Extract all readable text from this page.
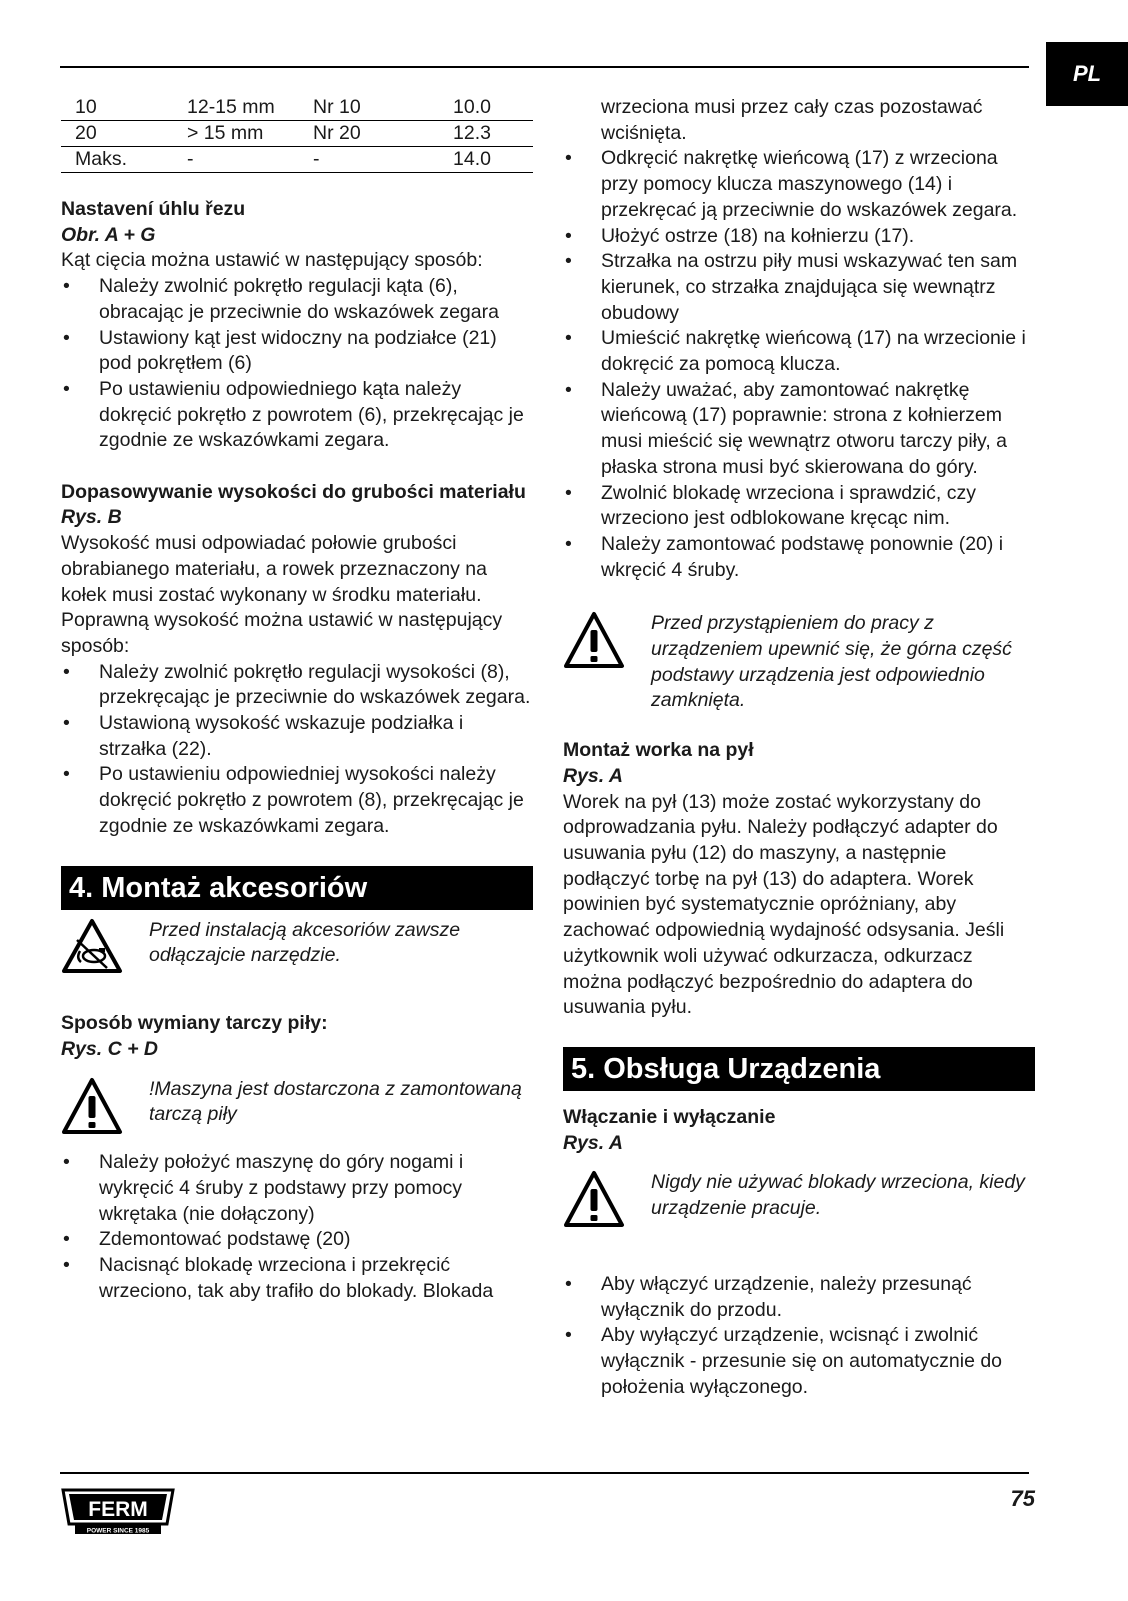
PL
10	12-15 mm	Nr 10	10.0
20	> 15 mm	Nr 20	12.3
Maks.	-	-	14.0

Nastavení úhlu řezu

Obr. A + G

Kąt cięcia można ustawić w następujący sposób:

• Należy zwolnić pokrętło regulacji kąta (6), obracając je przeciwnie do wskazówek zegara
• Ustawiony kąt jest widoczny na podziałce (21) pod pokrętłem (6)
• Po ustawieniu odpowiedniego kąta należy dokręcić pokrętło z powrotem (6), przekręcając je zgodnie ze wskazówkami zegara.

Dopasowywanie wysokości do grubości materiału

Rys. B

Wysokość musi odpowiadać połowie grubości obrabianego materiału, a rowek przeznaczony na kołek musi zostać wykonany w środku materiału. Poprawną wysokość można ustawić w następujący sposób:

• Należy zwolnić pokrętło regulacji wysokości (8), przekręcając je przeciwnie do wskazówek zegara.
• Ustawioną wysokość wskazuje podziałka i strzałka (22).
• Po ustawieniu odpowiedniej wysokości należy dokręcić pokrętło z powrotem (8), przekręcając je zgodnie ze wskazówkami zegara.
4. Montaż akcesoriów
Przed instalacją akcesoriów zawsze odłączajcie narzędzie.

Sposób wymiany tarczy piły:

Rys. C + D

!Maszyna jest dostarczona z zamontowaną tarczą piły
• Należy położyć maszynę do góry nogami i wykręcić 4 śruby z podstawy przy pomocy wkrętaka (nie dołączony)
• Zdemontować podstawę (20)
• Nacisnąć blokadę wrzeciona i przekręcić wrzeciono, tak aby trafiło do blokady. Blokada
wrzeciona musi przez cały czas pozostawać wciśnięta.
• Odkręcić nakrętkę wieńcową (17) z wrzeciona przy pomocy klucza maszynowego (14) i przekręcać ją przeciwnie do wskazówek zegara.
• Ułożyć ostrze (18) na kołnierzu (17).
• Strzałka na ostrzu piły musi wskazywać ten sam kierunek, co strzałka znajdująca się wewnątrz obudowy
• Umieścić nakrętkę wieńcową (17) na wrzecionie i dokręcić za pomocą klucza.
• Należy uważać, aby zamontować nakrętkę wieńcową (17) poprawnie: strona z kołnierzem musi mieścić się wewnątrz otworu tarczy piły, a płaska strona musi być skierowana do góry.
• Zwolnić blokadę wrzeciona i sprawdzić, czy wrzeciono jest odblokowane kręcąc nim.
• Należy zamontować podstawę ponownie (20) i wkręcić 4 śruby.
Przed przystąpieniem do pracy z urządzeniem upewnić się, że górna część podstawy urządzenia jest odpowiednio zamknięta.

Montaż worka na pył

Rys. A

Worek na pył (13) może zostać wykorzystany do odprowadzania pyłu. Należy podłączyć adapter do usuwania pyłu (12) do maszyny, a następnie podłączyć torbę na pył (13) do adaptera. Worek powinien być systematycznie opróżniany, aby zachować odpowiednią wydajność odsysania. Jeśli użytkownik woli używać odkurzacza, odkurzacz można podłączyć bezpośrednio do adaptera do usuwania pyłu.

5. Obsługa Urządzenia

Włączanie i wyłączanie

Rys. A

Nigdy nie używać blokady wrzeciona, kiedy urządzenie pracuje.
• Aby włączyć urządzenie, należy przesunąć wyłącznik do przodu.
• Aby wyłączyć urządzenie, wcisnąć i zwolnić wyłącznik - przesunie się on automatycznie do położenia wyłączonego.
FERM
POWER SINCE 1985
75
